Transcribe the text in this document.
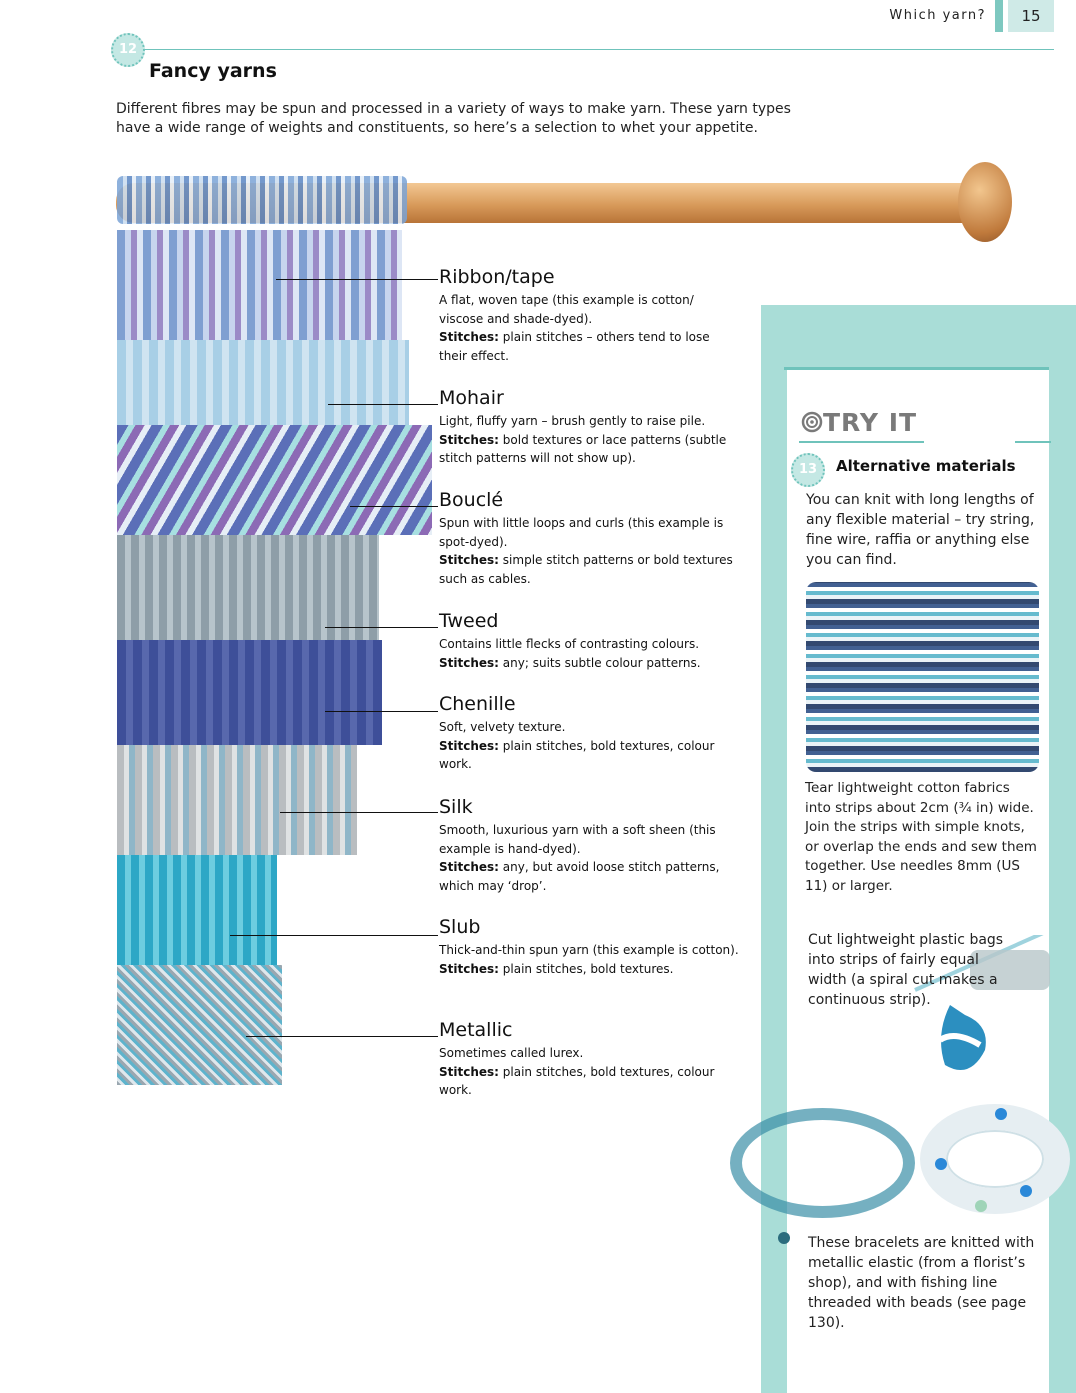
Which yarn?	15
12
Fancy yarns
Different fibres may be spun and processed in a variety of ways to make yarn. These yarn types
have a wide range of weights and constituents, so here’s a selection to whet your appetite.
Ribbon/tape
A flat, woven tape (this example is cotton/ viscose and shade-dyed).
Stitches: plain stitches – others tend to lose their effect.
Mohair
Light, fluffy yarn – brush gently to raise pile.
Stitches: bold textures or lace patterns (subtle stitch patterns will not show up).
Bouclé
Spun with little loops and curls (this example is spot-dyed).
Stitches: simple stitch patterns or bold textures such as cables.
Tweed
Contains little flecks of contrasting colours.
Stitches: any; suits subtle colour patterns.
Chenille
Soft, velvety texture.
Stitches: plain stitches, bold textures, colour work.
Silk
Smooth, luxurious yarn with a soft sheen (this example is hand-dyed).
Stitches: any, but avoid loose stitch patterns, which may ‘drop’.
Slub
Thick-and-thin spun yarn (this example is cotton).
Stitches: plain stitches, bold textures.
Metallic
Sometimes called lurex.
Stitches: plain stitches, bold textures, colour work.
TRY IT
13	Alternative materials
You can knit with long lengths of any flexible material – try string, fine wire, raffia or anything else you can find.
Tear lightweight cotton fabrics into strips about 2cm (¾ in) wide. Join the strips with simple knots, or overlap the ends and sew them together. Use needles 8mm (US 11) or larger.
Cut lightweight plastic bags into strips of fairly equal width (a spiral cut makes a continuous strip).
These bracelets are knitted with metallic elastic (from a florist’s shop), and with fishing line threaded with beads (see page 130).
